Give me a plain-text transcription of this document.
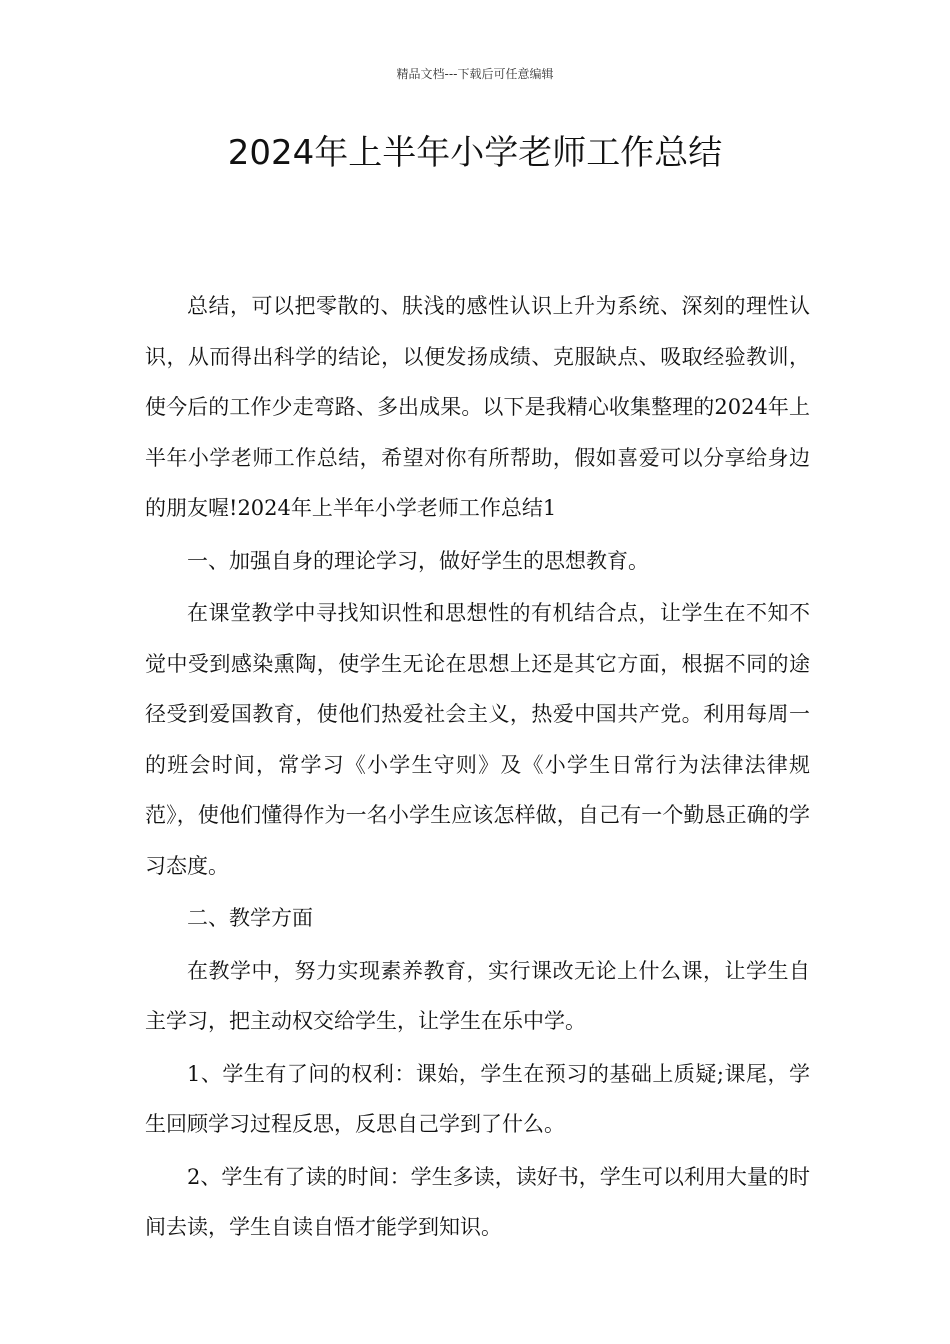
精品文档---下载后可任意编辑
2024年上半年小学老师工作总结

总结，可以把零散的、肤浅的感性认识上升为系统、深刻的理性认识，从而得出科学的结论，以便发扬成绩、克服缺点、吸取经验教训，使今后的工作少走弯路、多出成果。以下是我精心收集整理的2024年上半年小学老师工作总结，希望对你有所帮助，假如喜爱可以分享给身边的朋友喔!2024年上半年小学老师工作总结1

一、加强自身的理论学习，做好学生的思想教育。

在课堂教学中寻找知识性和思想性的有机结合点，让学生在不知不觉中受到感染熏陶，使学生无论在思想上还是其它方面，根据不同的途径受到爱国教育，使他们热爱社会主义，热爱中国共产党。利用每周一的班会时间，常学习《小学生守则》及《小学生日常行为法律法律规范》，使他们懂得作为一名小学生应该怎样做，自己有一个勤恳正确的学习态度。

二、教学方面

在教学中，努力实现素养教育，实行课改无论上什么课，让学生自主学习，把主动权交给学生，让学生在乐中学。

1、学生有了问的权利：课始，学生在预习的基础上质疑;课尾，学生回顾学习过程反思，反思自己学到了什么。

2、学生有了读的时间：学生多读，读好书，学生可以利用大量的时间去读，学生自读自悟才能学到知识。
